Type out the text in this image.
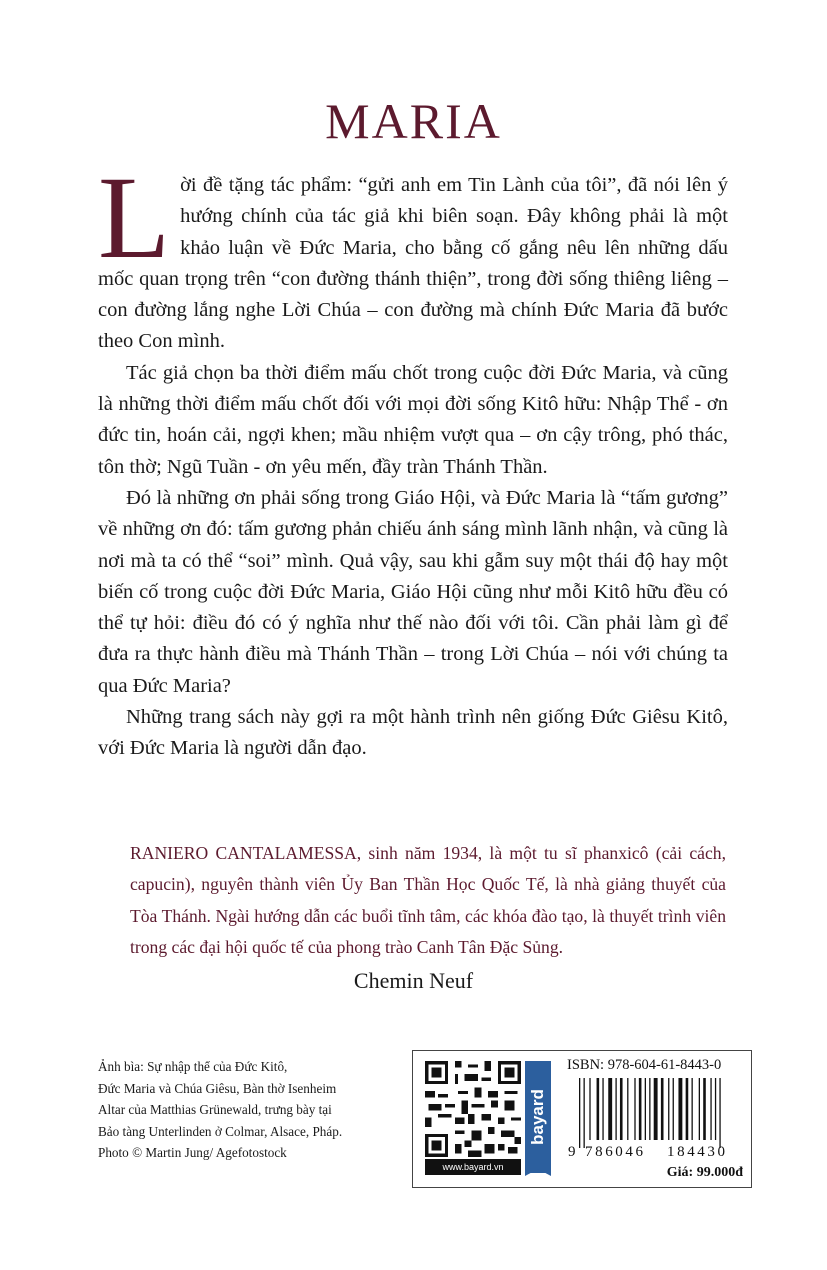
MARIA

Lời đề tặng tác phẩm: “gửi anh em Tin Lành của tôi”, đã nói lên ý hướng chính của tác giả khi biên soạn. Đây không phải là một khảo luận về Đức Maria, cho bằng cố gắng nêu lên những dấu mốc quan trọng trên “con đường thánh thiện”, trong đời sống thiêng liêng – con đường lắng nghe Lời Chúa – con đường mà chính Đức Maria đã bước theo Con mình.

Tác giả chọn ba thời điểm mấu chốt trong cuộc đời Đức Maria, và cũng là những thời điểm mấu chốt đối với mọi đời sống Kitô hữu: Nhập Thể - ơn đức tin, hoán cải, ngợi khen; mầu nhiệm vượt qua – ơn cậy trông, phó thác, tôn thờ; Ngũ Tuần - ơn yêu mến, đầy tràn Thánh Thần.

Đó là những ơn phải sống trong Giáo Hội, và Đức Maria là “tấm gương” về những ơn đó: tấm gương phản chiếu ánh sáng mình lãnh nhận, và cũng là nơi mà ta có thể “soi” mình. Quả vậy, sau khi gẫm suy một thái độ hay một biến cố trong cuộc đời Đức Maria, Giáo Hội cũng như mỗi Kitô hữu đều có thể tự hỏi: điều đó có ý nghĩa như thế nào đối với tôi. Cần phải làm gì để đưa ra thực hành điều mà Thánh Thần – trong Lời Chúa – nói với chúng ta qua Đức Maria?

Những trang sách này gợi ra một hành trình nên giống Đức Giêsu Kitô, với Đức Maria là người dẫn đạo.

RANIERO CANTALAMESSA, sinh năm 1934, là một tu sĩ phanxicô (cải cách, capucin), nguyên thành viên Ủy Ban Thần Học Quốc Tế, là nhà giảng thuyết của Tòa Thánh. Ngài hướng dẫn các buổi tĩnh tâm, các khóa đào tạo, là thuyết trình viên trong các đại hội quốc tế của phong trào Canh Tân Đặc Sủng.

Chemin Neuf

Ảnh bìa: Sự nhập thể của Đức Kitô,
Đức Maria và Chúa Giêsu, Bàn thờ Isenheim
Altar của Matthias Grünewald, trưng bày tại
Bảo tàng Unterlinden ở Colmar, Alsace, Pháp.
Photo © Martin Jung/ Agefotostock
www.bayard.vn
bayard
ISBN: 978-604-61-8443-0
9 786046 184430
Giá: 99.000đ
